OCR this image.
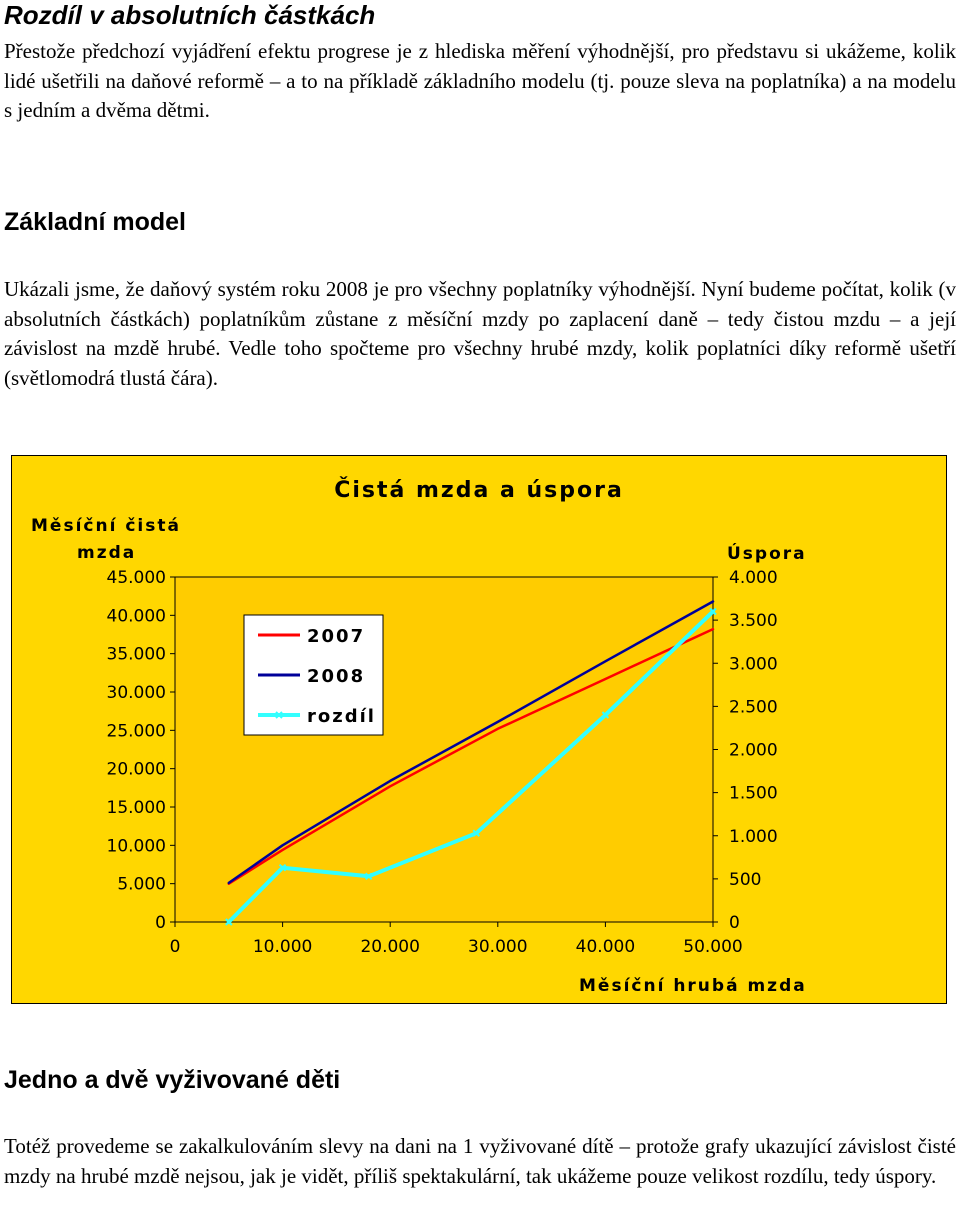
Rozdíl v absolutních částkách

Přestože předchozí vyjádření efektu progrese je z hlediska měření výhodnější, pro představu si ukážeme, kolik lidé ušetřili na daňové reformě – a to na příkladě základního modelu (tj. pouze sleva na poplatníka) a na modelu s jedním a dvěma dětmi.

Základní model

Ukázali jsme, že daňový systém roku 2008 je pro všechny poplatníky výhodnější. Nyní budeme počítat, kolik (v absolutních částkách) poplatníkům zůstane z měsíční mzdy po zaplacení daně – tedy čistou mzdu – a její závislost na mzdě hrubé. Vedle toho spočteme pro všechny hrubé mzdy, kolik poplatníci díky reformě ušetří (světlomodrá tlustá čára).

0
5.000
10.000
15.000
20.000
25.000
30.000
35.000
40.000
45.000
0
500
1.000
1.500
2.000
2.500
3.000
3.500
4.000
0	10.000	20.000	30.000	40.000	50.000
Čistá mzda a úspora
Měsíční čistá mzda	Úspora
Měsíční hrubá mzda
2007
2008
rozdíl
Jedno a dvě vyživované děti

Totéž provedeme se zakalkulováním slevy na dani na 1 vyživované dítě – protože grafy ukazující závislost čisté mzdy na hrubé mzdě nejsou, jak je vidět, příliš spektakulární, tak ukážeme pouze velikost rozdílu, tedy úspory.
